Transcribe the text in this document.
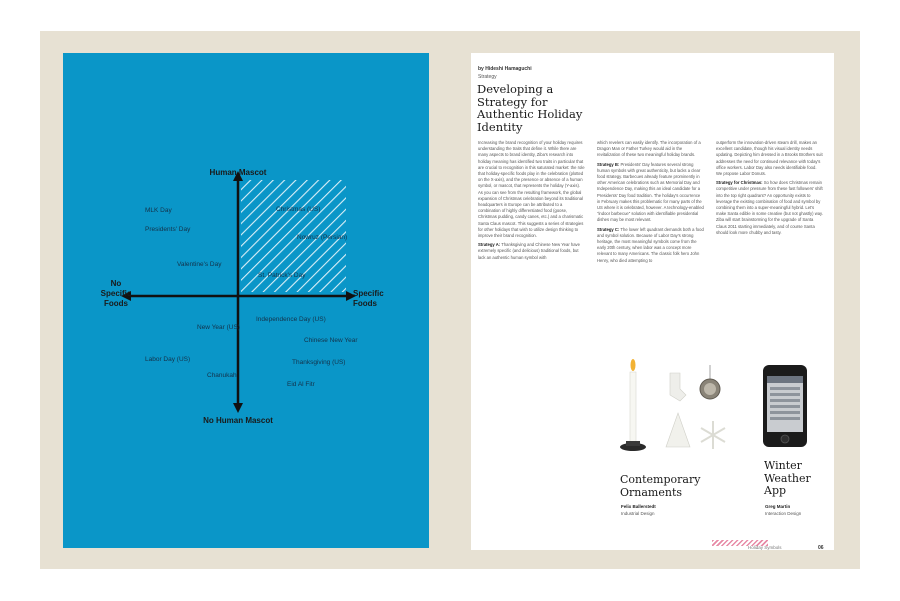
Human Mascot
No Human Mascot
No
Specific
Foods
Specific
Foods
MLK Day
Presidents' Day
Valentine's Day
Christmas (US)
Nowruz (Persian)
St. Patrick's Day
New Year (US)
Labor Day (US)
Chanukah
Independence Day (US)
Chinese New Year
Thanksgiving (US)
Eid Al Fitr
by Hideshi Hamaguchi
Strategy
Developing a Strategy for Authentic Holiday Identity

Increasing the brand recognition of your holiday requires understanding the traits that define it. While there are many aspects to brand identity, Ziba's research into holiday meaning has identified two traits in particular that are crucial to recognition in this saturated market: the role that holiday-specific foods play in the celebration (plotted on the X-axis), and the presence or absence of a human symbol, or mascot, that represents the holiday (Y-axis). As you can see from the resulting framework, the global expansion of Christmas celebration beyond its traditional headquarters in Europe can be attributed to a combination of highly differentiated food (goose, Christmas pudding, candy canes, etc.) and a charismatic Santa Claus mascot. This suggests a series of strategies for other holidays that wish to utilize design thinking to improve their brand recognition.

Strategy A: Thanksgiving and Chinese New Year have extremely specific (and delicious) traditional foods, but lack an authentic human symbol with

which revelers can easily identify. The incorporation of a Dragon Man or Father Turkey would aid in the revitalization of these two meaningful holiday brands.

Strategy B: Presidents' Day features several strong human symbols with great authenticity, but lacks a clear food strategy. Barbecues already feature prominently in other American celebrations such as Memorial Day and Independence Day, making this an ideal candidate for a Presidents' Day food tradition. The holiday's occurrence in February makes this problematic for many parts of the US where it is celebrated, however. A technology-enabled "indoor barbecue" solution with identifiable presidential dishes may be most relevant.

Strategy C: The lower left quadrant demands both a food and symbol solution. Because of Labor Day's strong heritage, the most meaningful symbols come from the early 20th century, when labor was a concept more relevant to many Americans. The classic folk hero John Henry, who died attempting to

outperform the innovation-driven steam drill, makes an excellent candidate, though his visual identity needs updating. Depicting him dressed in a Brooks Brothers suit addresses the need for continued relevance with today's office workers. Labor Day also needs identifiable food. We propose Labor Donuts.

Strategy for Christmas: So how does Christmas remain competitive under pressure from these fast followers' shift into the top right quadrant? An opportunity exists to leverage the existing combination of food and symbol by combining them into a super-meaningful hybrid. Let's make Santa edible in some creative (but not ghastly) way. Ziba will start brainstorming for the upgrade of Santa Claus 2011 starting immediately, and of course Santa should look more chubby and tasty.

Contemporary Ornaments
Felix Ballerstedt
Industrial Design
Winter Weather App
Greg Martin
Interaction Design
Holiday Symbols	06
